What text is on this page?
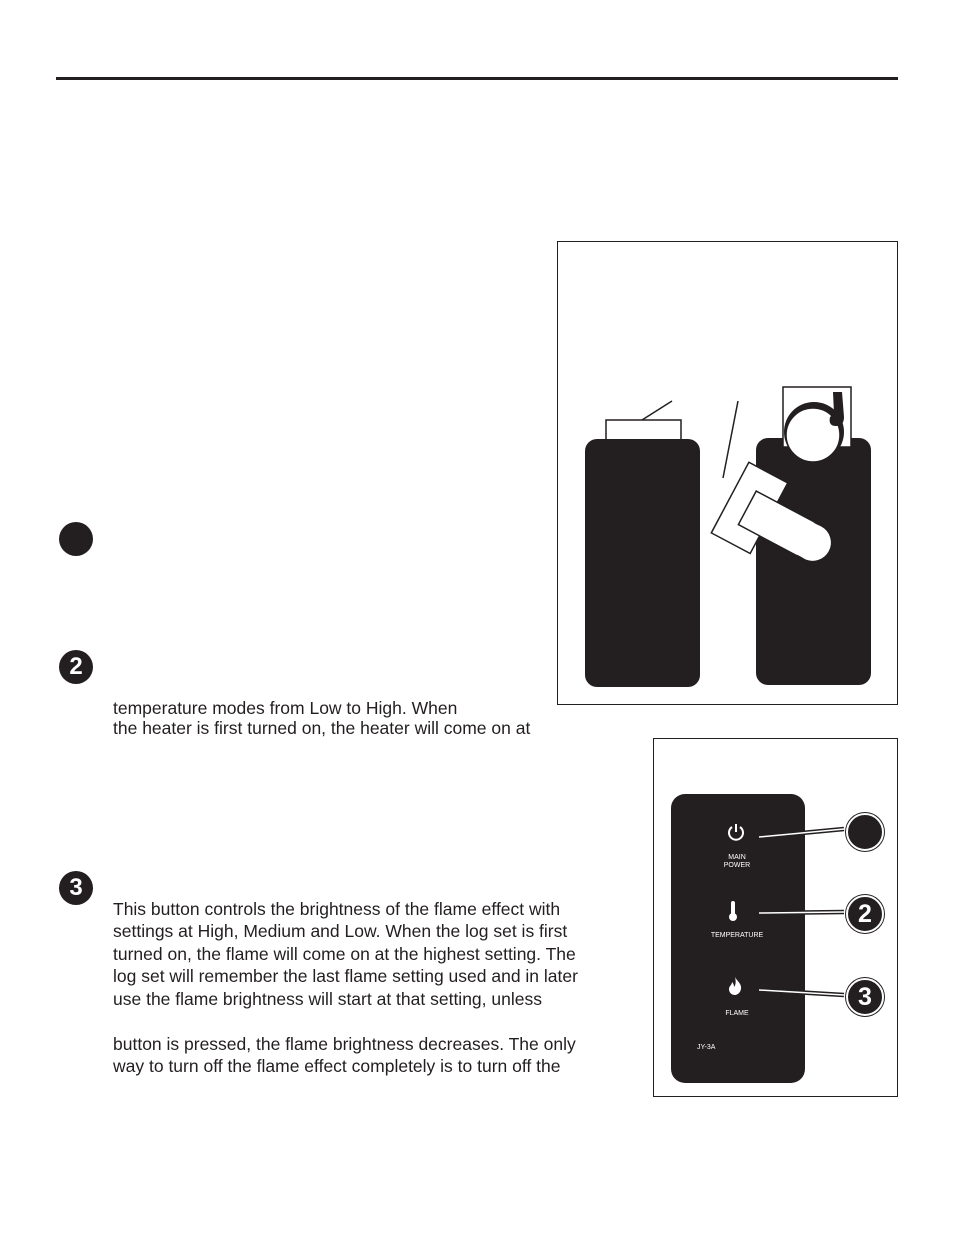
2
temperature modes from Low to High. When
the heater is first turned on, the heater will come on at
3
This button controls the brightness of the flame effect with
settings at High, Medium and Low. When the log set is first
turned on, the flame will come on at the highest setting. The
log set will remember the last flame setting used and in later
use the flame brightness will start at that setting, unless
button is pressed, the flame brightness decreases. The only
way to turn off the flame effect completely is to turn off the
MAIN
POWER
TEMPERATURE
FLAME
JY-3A
2
3
